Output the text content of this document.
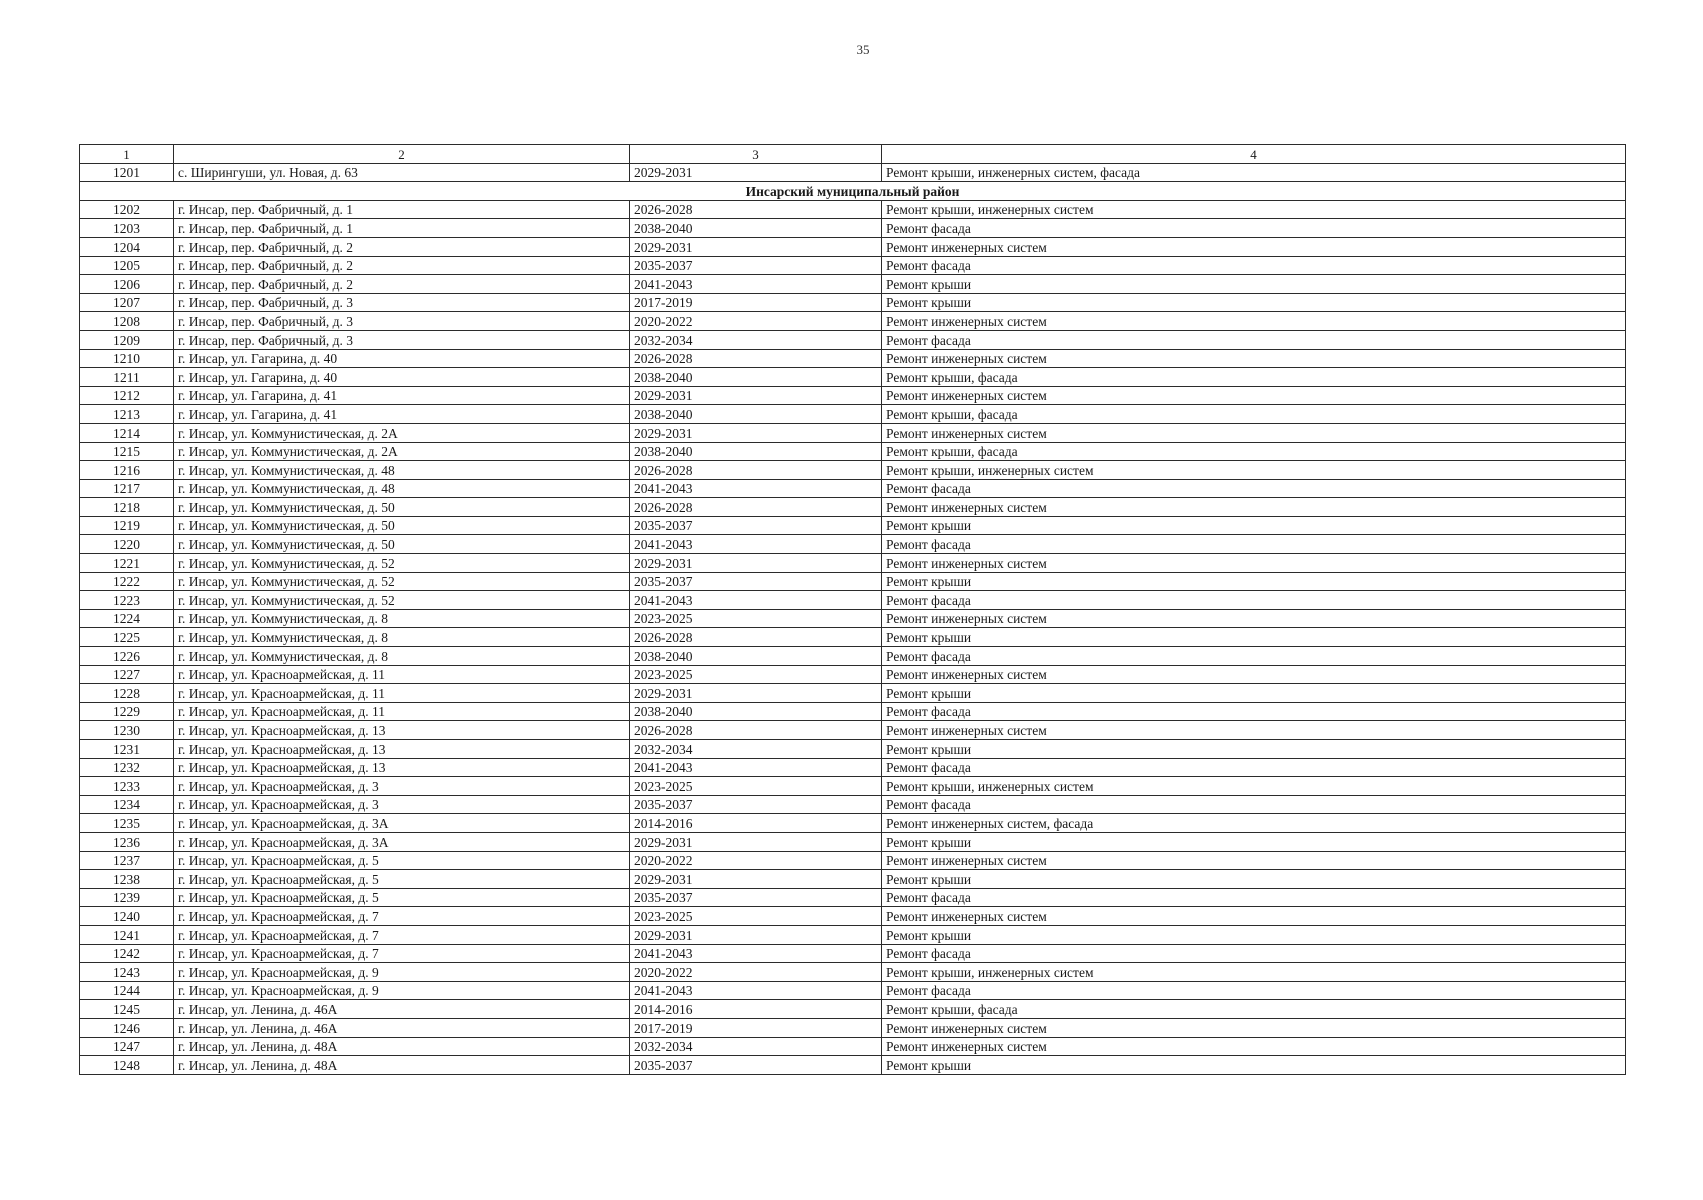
35
1	2	3	4
1201	с. Ширингуши, ул. Новая, д. 63	2029-2031	Ремонт крыши, инженерных систем, фасада
Инсарский муниципальный район			
1202	г. Инсар, пер. Фабричный, д. 1	2026-2028	Ремонт крыши, инженерных систем
1203	г. Инсар, пер. Фабричный, д. 1	2038-2040	Ремонт фасада
1204	г. Инсар, пер. Фабричный, д. 2	2029-2031	Ремонт инженерных систем
1205	г. Инсар, пер. Фабричный, д. 2	2035-2037	Ремонт фасада
1206	г. Инсар, пер. Фабричный, д. 2	2041-2043	Ремонт крыши
1207	г. Инсар, пер. Фабричный, д. 3	2017-2019	Ремонт крыши
1208	г. Инсар, пер. Фабричный, д. 3	2020-2022	Ремонт инженерных систем
1209	г. Инсар, пер. Фабричный, д. 3	2032-2034	Ремонт фасада
1210	г. Инсар, ул. Гагарина, д. 40	2026-2028	Ремонт инженерных систем
1211	г. Инсар, ул. Гагарина, д. 40	2038-2040	Ремонт крыши, фасада
1212	г. Инсар, ул. Гагарина, д. 41	2029-2031	Ремонт инженерных систем
1213	г. Инсар, ул. Гагарина, д. 41	2038-2040	Ремонт крыши, фасада
1214	г. Инсар, ул. Коммунистическая, д. 2А	2029-2031	Ремонт инженерных систем
1215	г. Инсар, ул. Коммунистическая, д. 2А	2038-2040	Ремонт крыши, фасада
1216	г. Инсар, ул. Коммунистическая, д. 48	2026-2028	Ремонт крыши, инженерных систем
1217	г. Инсар, ул. Коммунистическая, д. 48	2041-2043	Ремонт фасада
1218	г. Инсар, ул. Коммунистическая, д. 50	2026-2028	Ремонт инженерных систем
1219	г. Инсар, ул. Коммунистическая, д. 50	2035-2037	Ремонт крыши
1220	г. Инсар, ул. Коммунистическая, д. 50	2041-2043	Ремонт фасада
1221	г. Инсар, ул. Коммунистическая, д. 52	2029-2031	Ремонт инженерных систем
1222	г. Инсар, ул. Коммунистическая, д. 52	2035-2037	Ремонт крыши
1223	г. Инсар, ул. Коммунистическая, д. 52	2041-2043	Ремонт фасада
1224	г. Инсар, ул. Коммунистическая, д. 8	2023-2025	Ремонт инженерных систем
1225	г. Инсар, ул. Коммунистическая, д. 8	2026-2028	Ремонт крыши
1226	г. Инсар, ул. Коммунистическая, д. 8	2038-2040	Ремонт фасада
1227	г. Инсар, ул. Красноармейская, д. 11	2023-2025	Ремонт инженерных систем
1228	г. Инсар, ул. Красноармейская, д. 11	2029-2031	Ремонт крыши
1229	г. Инсар, ул. Красноармейская, д. 11	2038-2040	Ремонт фасада
1230	г. Инсар, ул. Красноармейская, д. 13	2026-2028	Ремонт инженерных систем
1231	г. Инсар, ул. Красноармейская, д. 13	2032-2034	Ремонт крыши
1232	г. Инсар, ул. Красноармейская, д. 13	2041-2043	Ремонт фасада
1233	г. Инсар, ул. Красноармейская, д. 3	2023-2025	Ремонт крыши, инженерных систем
1234	г. Инсар, ул. Красноармейская, д. 3	2035-2037	Ремонт фасада
1235	г. Инсар, ул. Красноармейская, д. 3А	2014-2016	Ремонт инженерных систем, фасада
1236	г. Инсар, ул. Красноармейская, д. 3А	2029-2031	Ремонт крыши
1237	г. Инсар, ул. Красноармейская, д. 5	2020-2022	Ремонт инженерных систем
1238	г. Инсар, ул. Красноармейская, д. 5	2029-2031	Ремонт крыши
1239	г. Инсар, ул. Красноармейская, д. 5	2035-2037	Ремонт фасада
1240	г. Инсар, ул. Красноармейская, д. 7	2023-2025	Ремонт инженерных систем
1241	г. Инсар, ул. Красноармейская, д. 7	2029-2031	Ремонт крыши
1242	г. Инсар, ул. Красноармейская, д. 7	2041-2043	Ремонт фасада
1243	г. Инсар, ул. Красноармейская, д. 9	2020-2022	Ремонт крыши, инженерных систем
1244	г. Инсар, ул. Красноармейская, д. 9	2041-2043	Ремонт фасада
1245	г. Инсар, ул. Ленина, д. 46А	2014-2016	Ремонт крыши, фасада
1246	г. Инсар, ул. Ленина, д. 46А	2017-2019	Ремонт инженерных систем
1247	г. Инсар, ул. Ленина, д. 48А	2032-2034	Ремонт инженерных систем
1248	г. Инсар, ул. Ленина, д. 48А	2035-2037	Ремонт крыши
